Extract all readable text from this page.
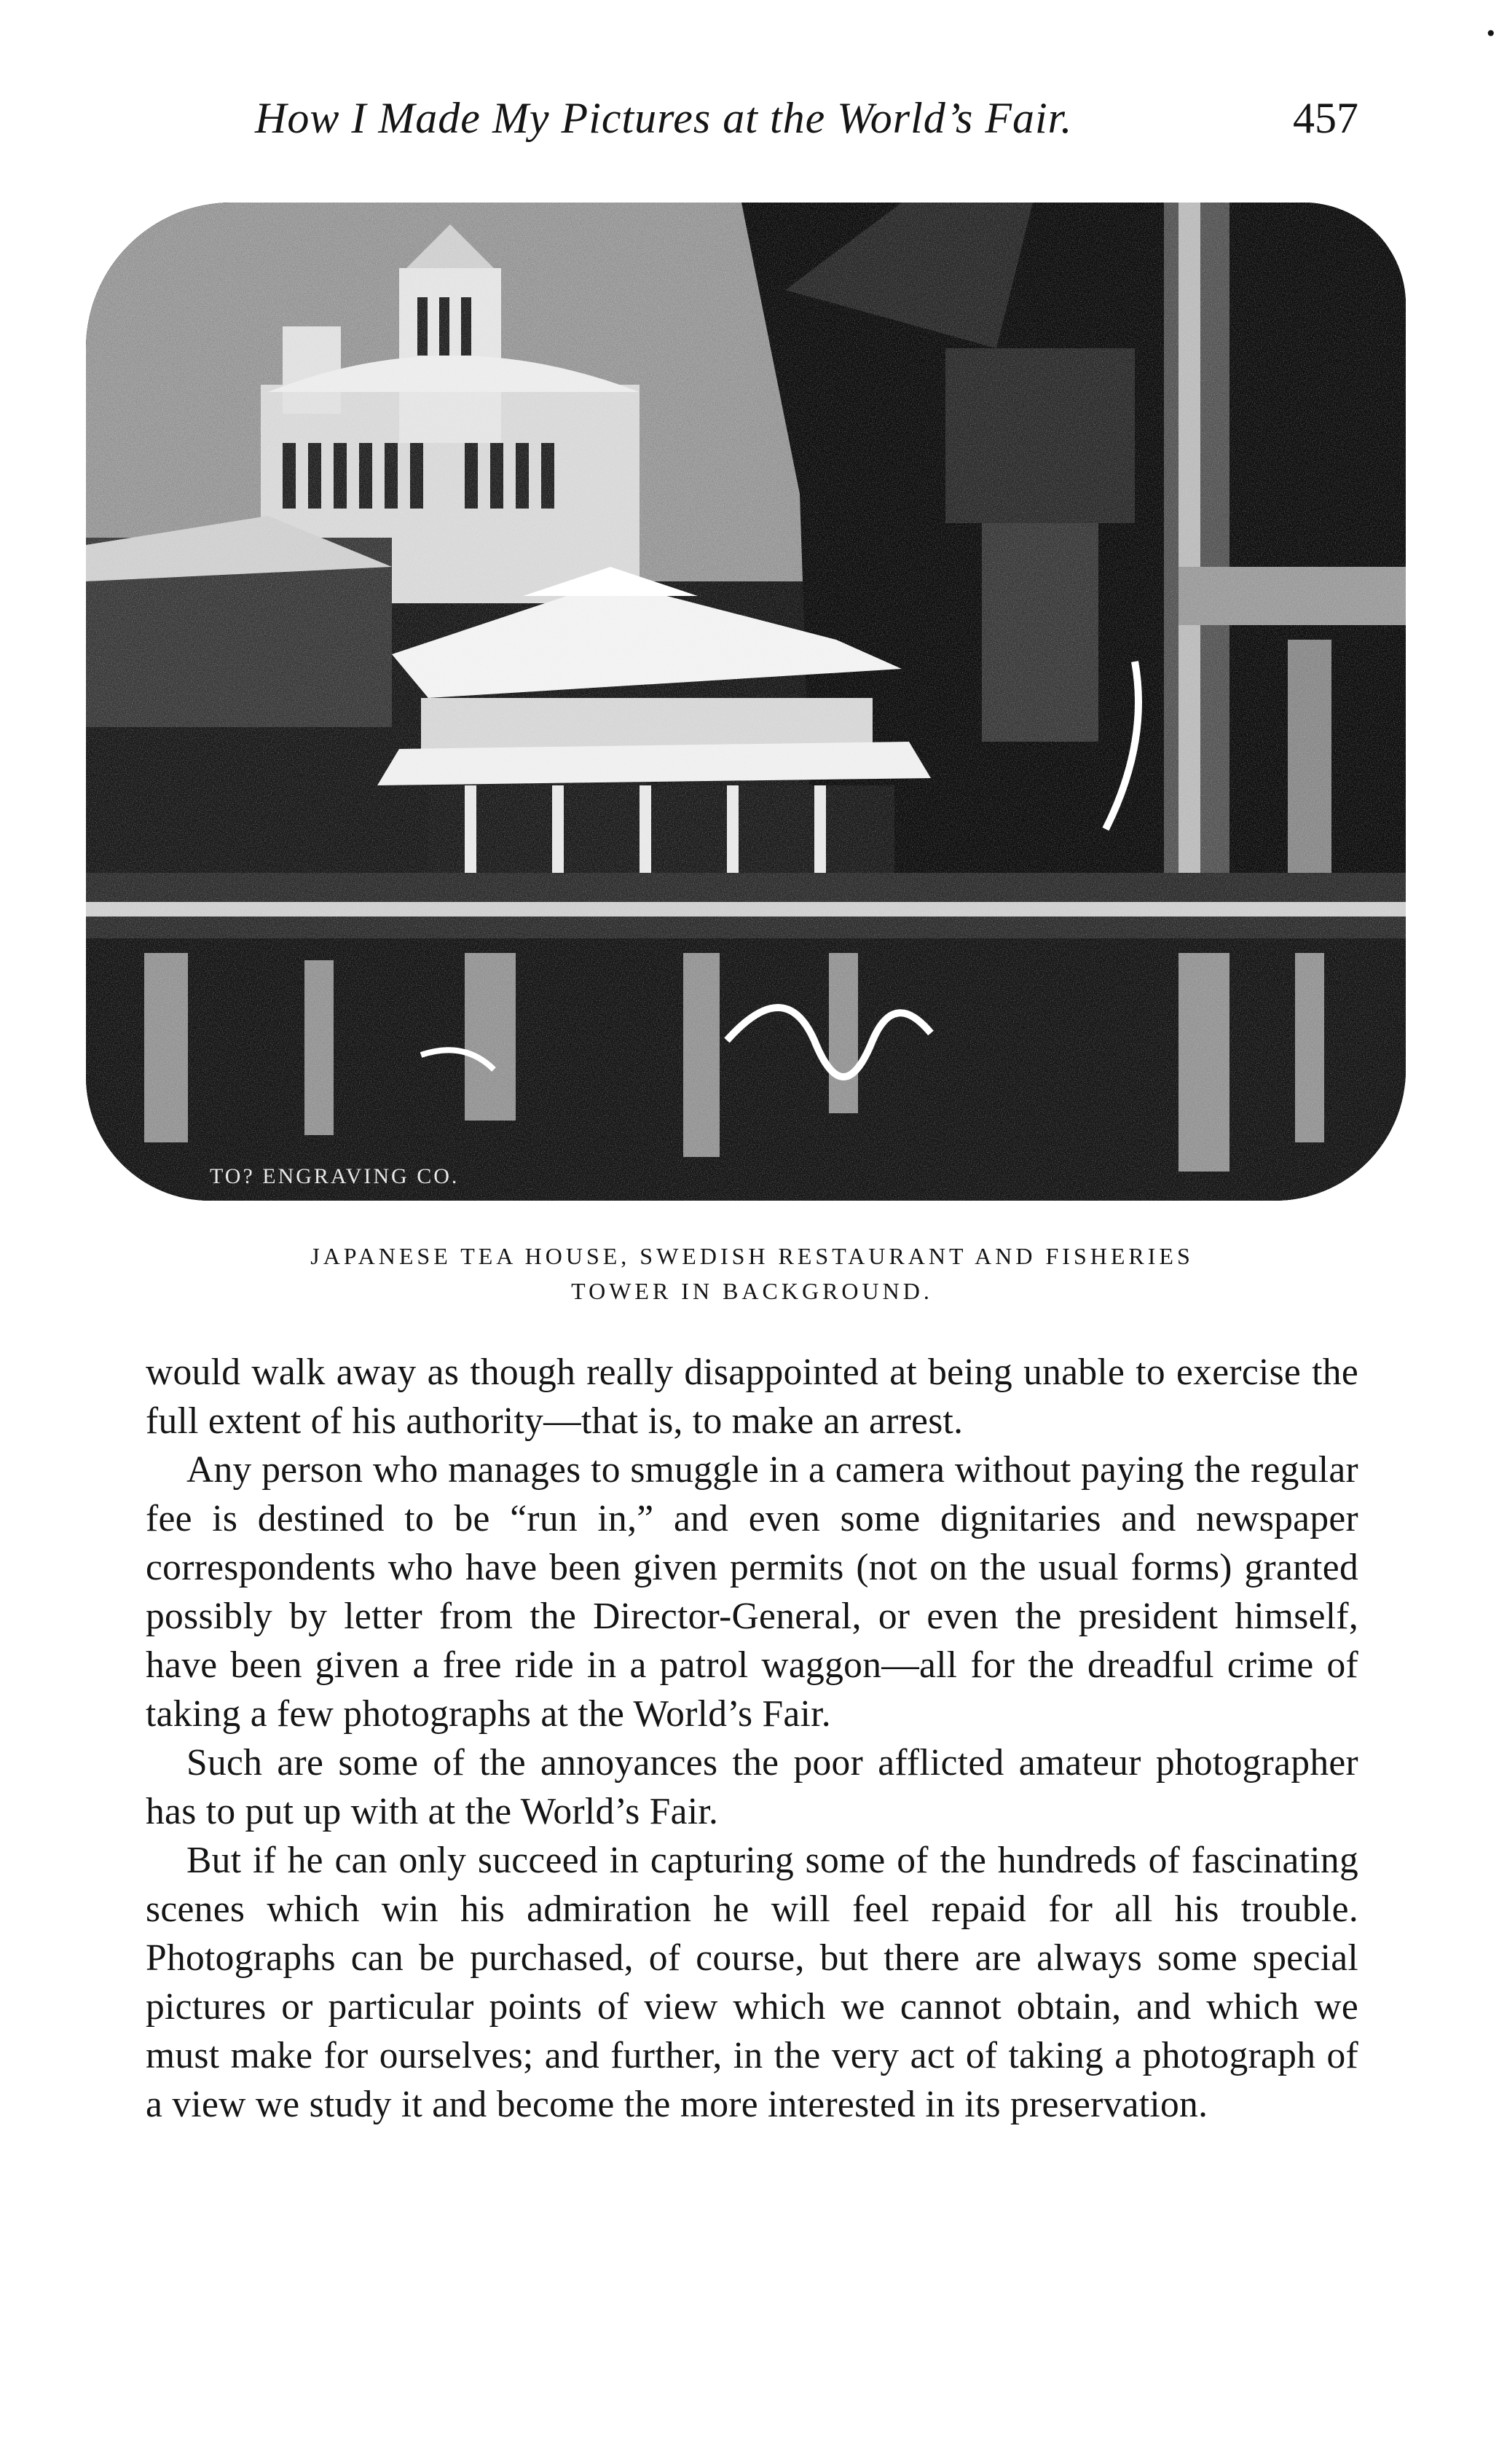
How I Made My Pictures at the World’s Fair.	457
•
TO? ENGRAVING CO.
JAPANESE TEA HOUSE, SWEDISH RESTAURANT AND FISHERIES
TOWER IN BACKGROUND.

would walk away as though really disappointed at being unable to exercise the full extent of his authority—that is, to make an arrest.

Any person who manages to smuggle in a camera without paying the regular fee is destined to be “run in,” and even some dignitaries and newspaper correspondents who have been given permits (not on the usual forms) granted possibly by letter from the Director-General, or even the president himself, have been given a free ride in a patrol waggon—all for the dreadful crime of taking a few photographs at the World’s Fair.

Such are some of the annoyances the poor afflicted amateur photographer has to put up with at the World’s Fair.

But if he can only succeed in capturing some of the hundreds of fascinating scenes which win his admiration he will feel repaid for all his trouble. Photographs can be purchased, of course, but there are always some special pictures or particular points of view which we cannot obtain, and which we must make for ourselves; and further, in the very act of taking a photograph of a view we study it and become the more interested in its preservation.
